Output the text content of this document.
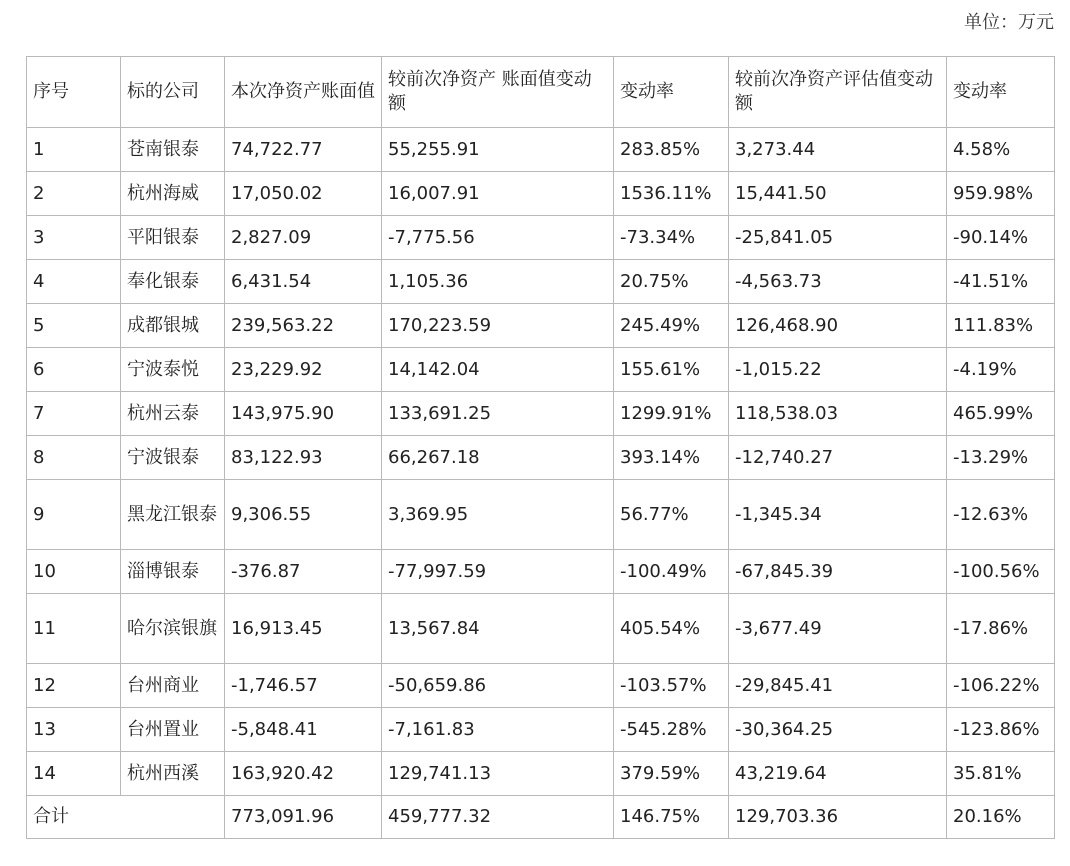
单位：万元
序号	标的公司	本次净资产账面值	较前次净资产 账面值变动额	变动率	较前次净资产评估值变动额	变动率
1	苍南银泰	74,722.77	55,255.91	283.85%	3,273.44	4.58%
2	杭州海威	17,050.02	16,007.91	1536.11%	15,441.50	959.98%
3	平阳银泰	2,827.09	-7,775.56	-73.34%	-25,841.05	-90.14%
4	奉化银泰	6,431.54	1,105.36	20.75%	-4,563.73	-41.51%
5	成都银城	239,563.22	170,223.59	245.49%	126,468.90	111.83%
6	宁波泰悦	23,229.92	14,142.04	155.61%	-1,015.22	-4.19%
7	杭州云泰	143,975.90	133,691.25	1299.91%	118,538.03	465.99%
8	宁波银泰	83,122.93	66,267.18	393.14%	-12,740.27	-13.29%
9	黑龙江银泰	9,306.55	3,369.95	56.77%	-1,345.34	-12.63%
10	淄博银泰	-376.87	-77,997.59	-100.49%	-67,845.39	-100.56%
11	哈尔滨银旗	16,913.45	13,567.84	405.54%	-3,677.49	-17.86%
12	台州商业	-1,746.57	-50,659.86	-103.57%	-29,845.41	-106.22%
13	台州置业	-5,848.41	-7,161.83	-545.28%	-30,364.25	-123.86%
14	杭州西溪	163,920.42	129,741.13	379.59%	43,219.64	35.81%
合计		773,091.96	459,777.32	146.75%	129,703.36	20.16%
